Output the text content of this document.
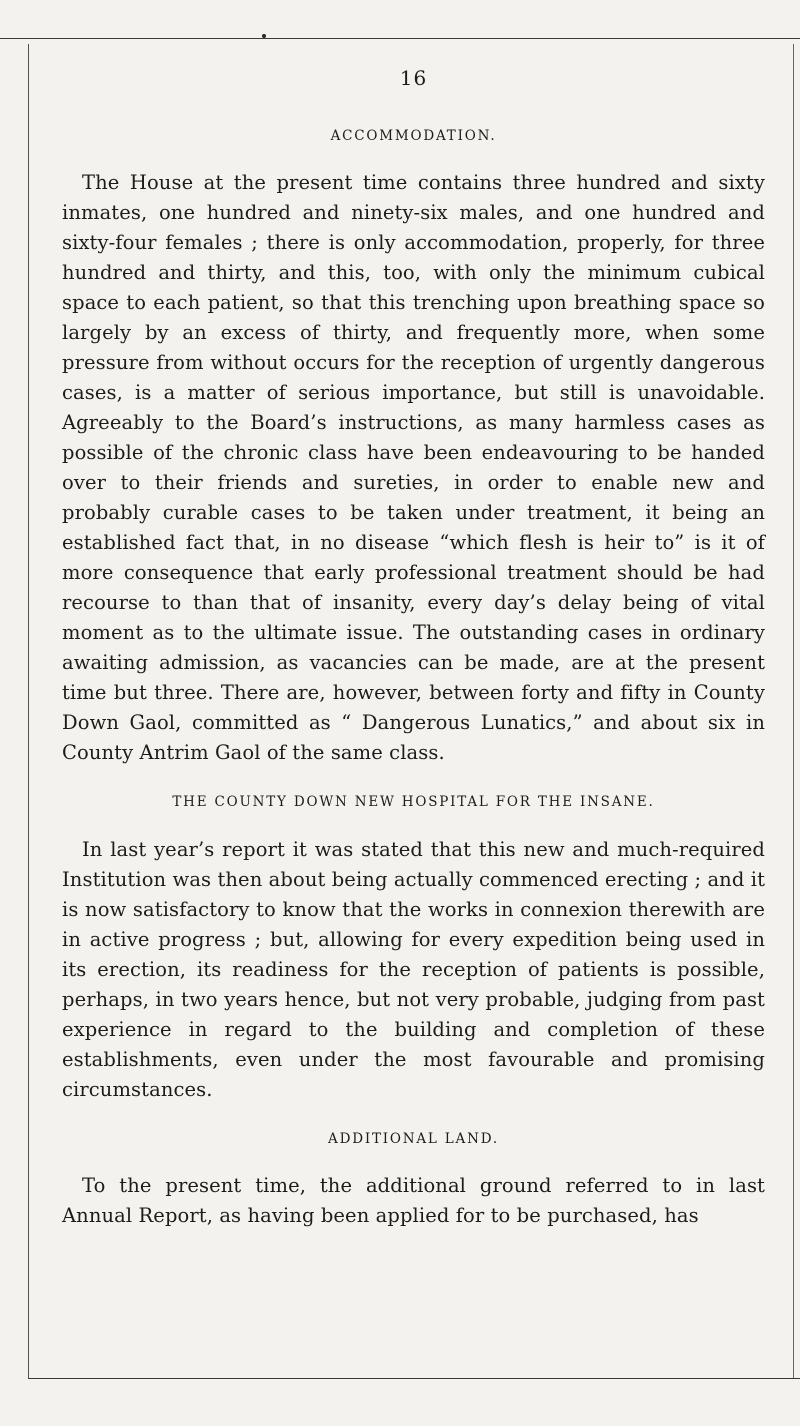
16
ACCOMMODATION.

The House at the present time contains three hundred and sixty inmates, one hundred and ninety-six males, and one hundred and sixty-four females ; there is only accommodation, properly, for three hundred and thirty, and this, too, with only the minimum cubical space to each patient, so that this trenching upon breathing space so largely by an excess of thirty, and frequently more, when some pressure from without occurs for the reception of urgently dangerous cases, is a matter of serious importance, but still is unavoidable. Agreeably to the Board’s instructions, as many harmless cases as possible of the chronic class have been endeavouring to be handed over to their friends and sureties, in order to enable new and probably curable cases to be taken under treatment, it being an established fact that, in no disease “which flesh is heir to” is it of more consequence that early professional treatment should be had recourse to than that of insanity, every day’s delay being of vital moment as to the ultimate issue. The outstanding cases in ordinary awaiting admission, as vacancies can be made, are at the present time but three. There are, however, between forty and fifty in County Down Gaol, committed as “ Dangerous Lunatics,” and about six in County Antrim Gaol of the same class.

THE COUNTY DOWN NEW HOSPITAL FOR THE INSANE.

In last year’s report it was stated that this new and much-required Institution was then about being actually commenced erecting ; and it is now satisfactory to know that the works in connexion therewith are in active progress ; but, allowing for every expedition being used in its erection, its readiness for the reception of patients is possible, perhaps, in two years hence, but not very probable, judging from past experience in regard to the building and completion of these establishments, even under the most favourable and promising circumstances.

ADDITIONAL LAND.

To the present time, the additional ground referred to in last Annual Report, as having been applied for to be purchased, has
